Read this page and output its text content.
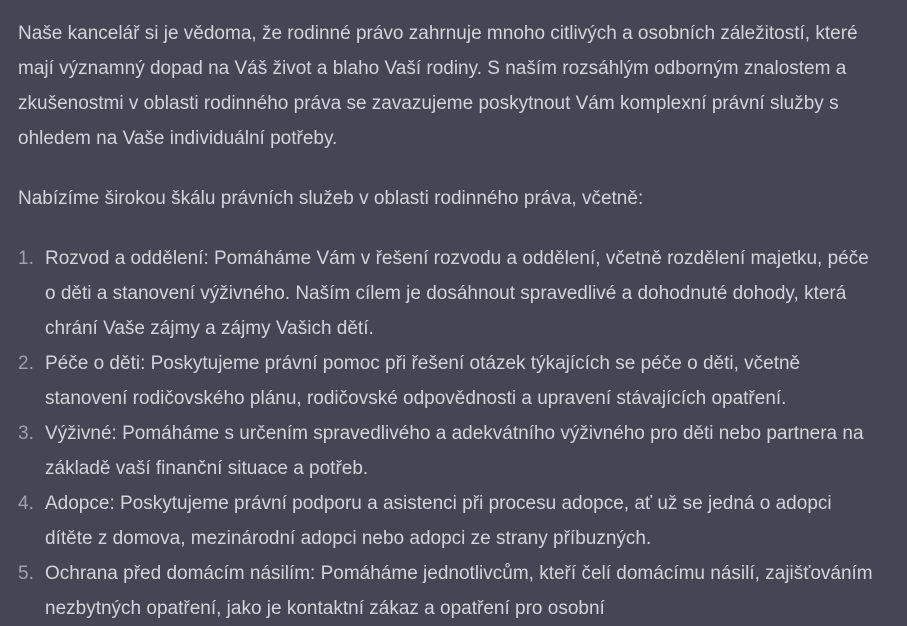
Naše kancelář si je vědoma, že rodinné právo zahrnuje mnoho citlivých a osobních záležitostí, které mají významný dopad na Váš život a blaho Vaší rodiny. S naším rozsáhlým odborným znalostem a zkušenostmi v oblasti rodinného práva se zavazujeme poskytnout Vám komplexní právní služby s ohledem na Vaše individuální potřeby.

Nabízíme širokou škálu právních služeb v oblasti rodinného práva, včetně:

1. Rozvod a oddělení: Pomáháme Vám v řešení rozvodu a oddělení, včetně rozdělení majetku, péče o děti a stanovení výživného. Naším cílem je dosáhnout spravedlivé a dohodnuté dohody, která chrání Vaše zájmy a zájmy Vašich dětí.
2. Péče o děti: Poskytujeme právní pomoc při řešení otázek týkajících se péče o děti, včetně stanovení rodičovského plánu, rodičovské odpovědnosti a upravení stávajících opatření.
3. Výživné: Pomáháme s určením spravedlivého a adekvátního výživného pro děti nebo partnera na základě vaší finanční situace a potřeb.
4. Adopce: Poskytujeme právní podporu a asistenci při procesu adopce, ať už se jedná o adopci dítěte z domova, mezinárodní adopci nebo adopci ze strany příbuzných.
5. Ochrana před domácím násilím: Pomáháme jednotlivcům, kteří čelí domácímu násilí, zajišťováním nezbytných opatření, jako je kontaktní zákaz a opatření pro osobní
